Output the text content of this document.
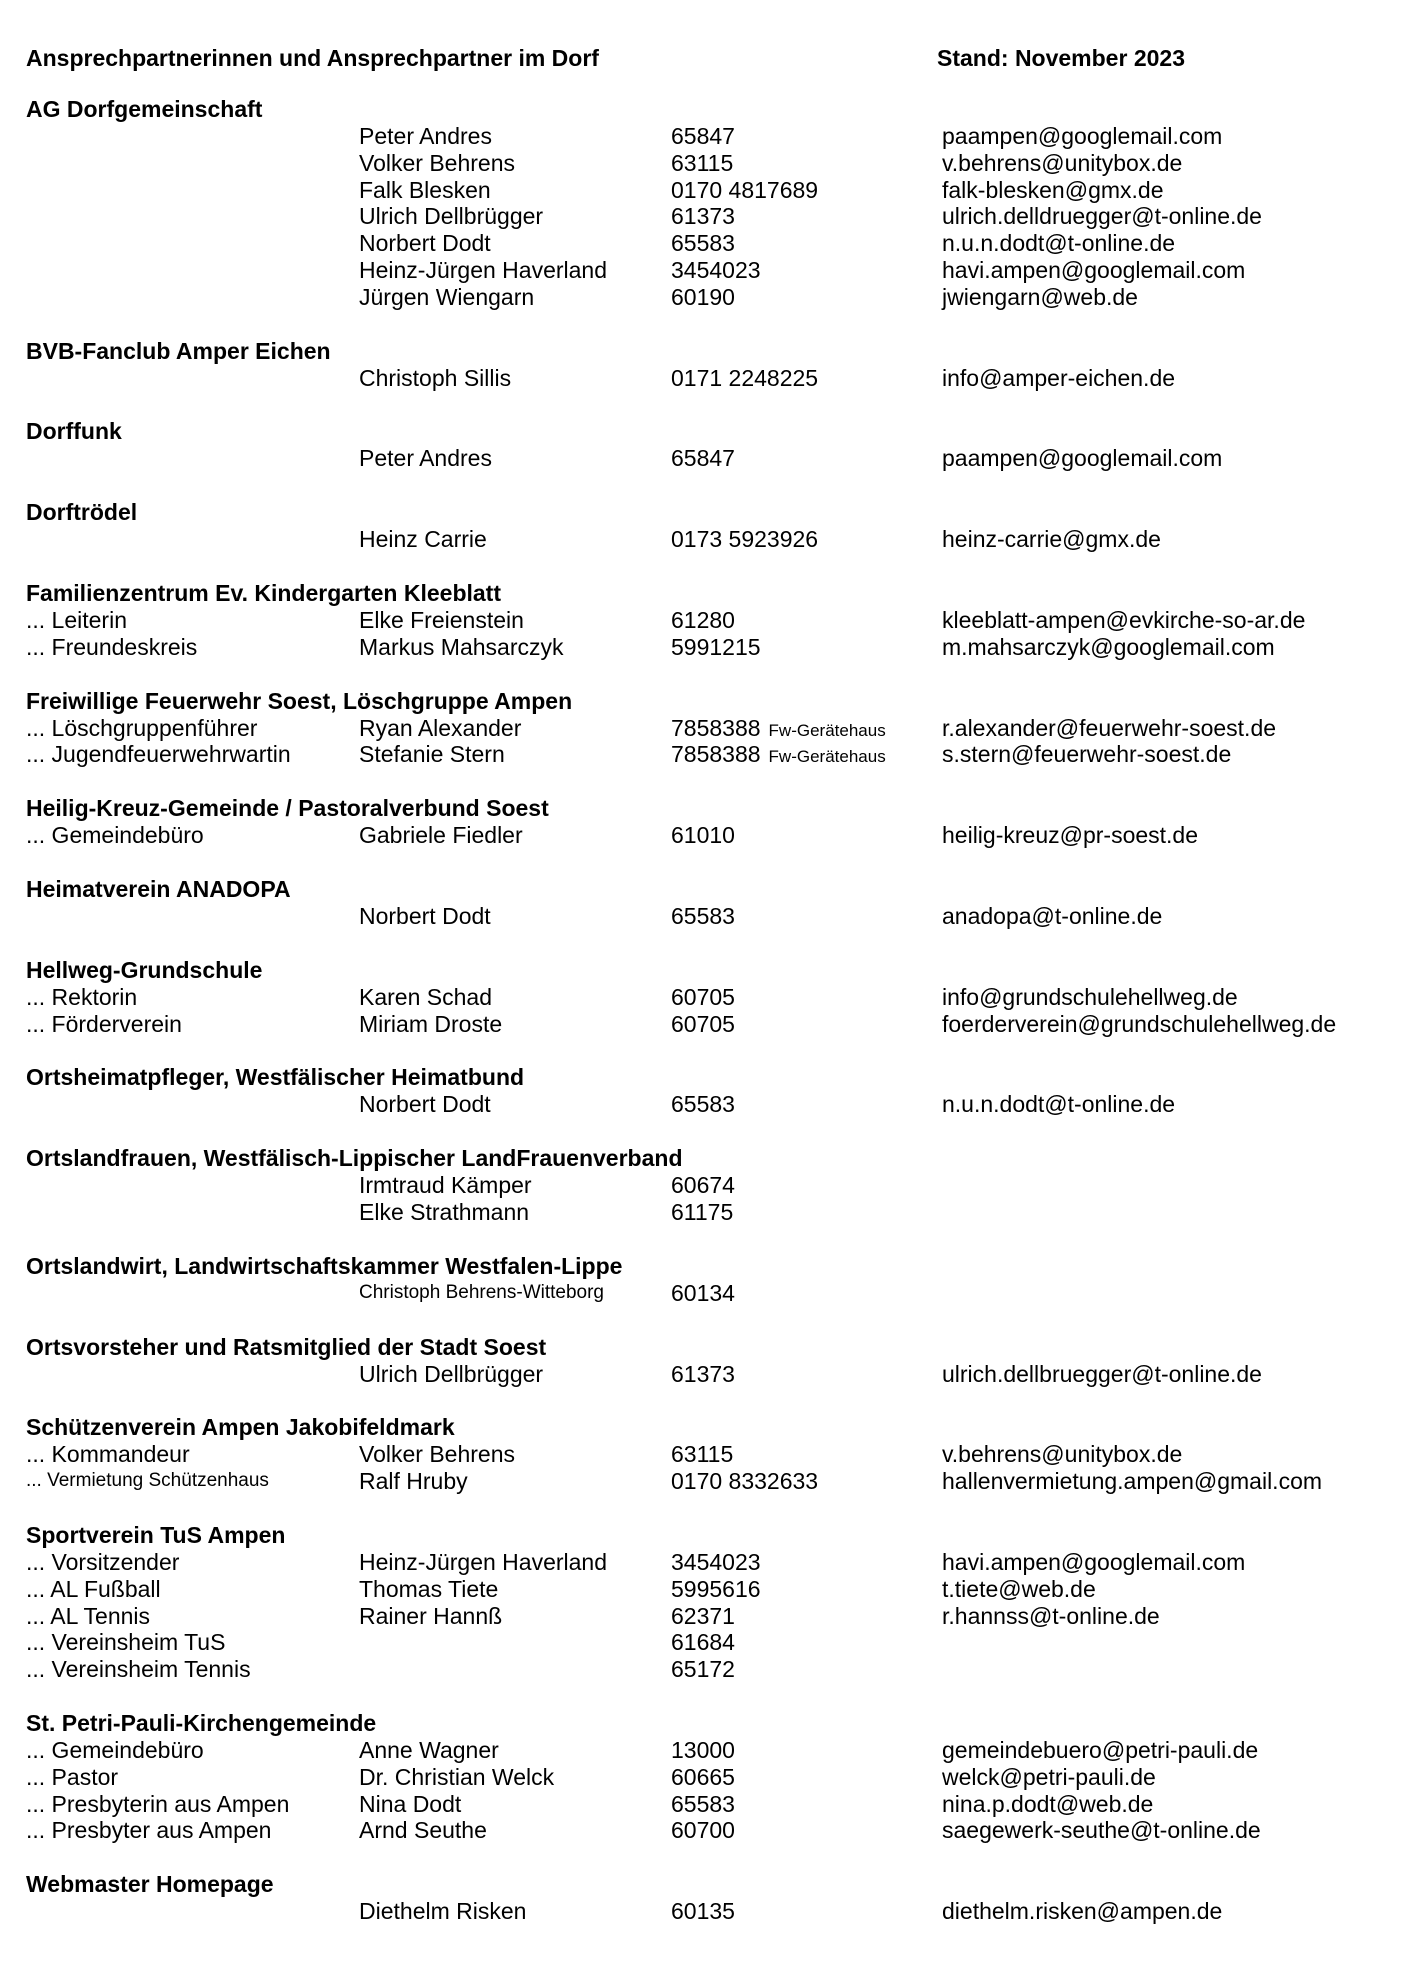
Ansprechpartnerinnen und Ansprechpartner im Dorf	Stand: November 2023
AG Dorfgemeinschaft
Peter Andres	65847	paampen@googlemail.com
Volker Behrens	63115	v.behrens@unitybox.de
Falk Blesken	0170 4817689	falk-blesken@gmx.de
Ulrich Dellbrügger	61373	ulrich.delldruegger@t-online.de
Norbert Dodt	65583	n.u.n.dodt@t-online.de
Heinz-Jürgen Haverland	3454023	havi.ampen@googlemail.com
Jürgen Wiengarn	60190	jwiengarn@web.de
BVB-Fanclub Amper Eichen
Christoph Sillis	0171 2248225	info@amper-eichen.de
Dorffunk
Peter Andres	65847	paampen@googlemail.com
Dorftrödel
Heinz Carrie	0173 5923926	heinz-carrie@gmx.de
Familienzentrum Ev. Kindergarten Kleeblatt
... Leiterin	Elke Freienstein	61280	kleeblatt-ampen@evkirche-so-ar.de
... Freundeskreis	Markus Mahsarczyk	5991215	m.mahsarczyk@googlemail.com
Freiwillige Feuerwehr Soest, Löschgruppe Ampen
... Löschgruppenführer	Ryan Alexander	7858388 Fw-Gerätehaus r.alexander@feuerwehr-soest.de
... Jugendfeuerwehrwartin	Stefanie Stern	7858388 Fw-Gerätehaus s.stern@feuerwehr-soest.de
Heilig-Kreuz-Gemeinde / Pastoralverbund Soest
... Gemeindebüro	Gabriele Fiedler	61010	heilig-kreuz@pr-soest.de
Heimatverein ANADOPA
Norbert Dodt	65583	anadopa@t-online.de
Hellweg-Grundschule
... Rektorin	Karen Schad	60705	info@grundschulehellweg.de
... Förderverein	Miriam Droste	60705	foerderverein@grundschulehellweg.de
Ortsheimatpfleger, Westfälischer Heimatbund
Norbert Dodt	65583	n.u.n.dodt@t-online.de
Ortslandfrauen, Westfälisch-Lippischer LandFrauenverband
Irmtraud Kämper	60674
Elke Strathmann	61175
Ortslandwirt, Landwirtschaftskammer Westfalen-Lippe
Christoph Behrens-Witteborg	60134
Ortsvorsteher und Ratsmitglied der Stadt Soest
Ulrich Dellbrügger	61373	ulrich.dellbruegger@t-online.de
Schützenverein Ampen Jakobifeldmark
... Kommandeur	Volker Behrens	63115	v.behrens@unitybox.de
... Vermietung Schützenhaus	Ralf Hruby	0170 8332633	hallenvermietung.ampen@gmail.com
Sportverein TuS Ampen
... Vorsitzender	Heinz-Jürgen Haverland	3454023	havi.ampen@googlemail.com
... AL Fußball	Thomas Tiete	5995616	t.tiete@web.de
... AL Tennis	Rainer Hannß	62371	r.hannss@t-online.de
... Vereinsheim TuS	61684
... Vereinsheim Tennis	65172
St. Petri-Pauli-Kirchengemeinde
... Gemeindebüro	Anne Wagner	13000	gemeindebuero@petri-pauli.de
... Pastor	Dr. Christian Welck	60665	welck@petri-pauli.de
... Presbyterin aus Ampen	Nina Dodt	65583	nina.p.dodt@web.de
... Presbyter aus Ampen	Arnd Seuthe	60700	saegewerk-seuthe@t-online.de
Webmaster Homepage
Diethelm Risken	60135	diethelm.risken@ampen.de
